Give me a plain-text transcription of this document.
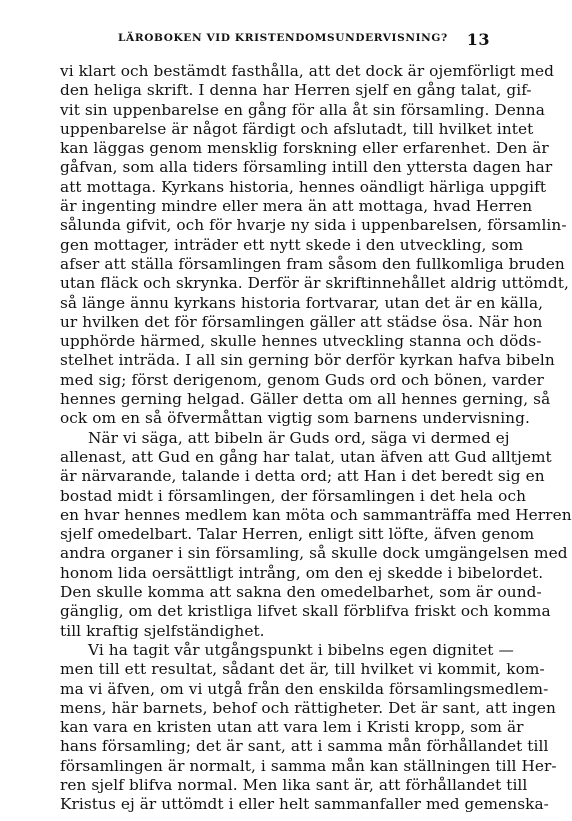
LÄROBOKEN VID KRISTENDOMSUNDERVISNING? 13
vi klart och bestämdt fasthålla, att det dock är ojemförligt med
den heliga skrift. I denna har Herren sjelf en gång talat, gif-
vit sin uppenbarelse en gång för alla åt sin församling. Denna
uppenbarelse är något färdigt och afslutadt, till hvilket intet
kan läggas genom mensklig forskning eller erfarenhet. Den är
gåfvan, som alla tiders församling intill den yttersta dagen har
att mottaga. Kyrkans historia, hennes oändligt härliga uppgift
är ingenting mindre eller mera än att mottaga, hvad Herren
sålunda gifvit, och för hvarje ny sida i uppenbarelsen, församlin-
gen mottager, inträder ett nytt skede i den utveckling, som
afser att ställa församlingen fram såsom den fullkomliga bruden
utan fläck och skrynka. Derför är skriftinnehållet aldrig uttömdt,
så länge ännu kyrkans historia fortvarar, utan det är en källa,
ur hvilken det för församlingen gäller att städse ösa. När hon
upphörde härmed, skulle hennes utveckling stanna och döds-
stelhet inträda. I all sin gerning bör derför kyrkan hafva bibeln
med sig; först derigenom, genom Guds ord och bönen, varder
hennes gerning helgad. Gäller detta om all hennes gerning, så
ock om en så öfvermåttan vigtig som barnens undervisning.
När vi säga, att bibeln är Guds ord, säga vi dermed ej
allenast, att Gud en gång har talat, utan äfven att Gud alltjemt
är närvarande, talande i detta ord; att Han i det beredt sig en
bostad midt i församlingen, der församlingen i det hela och
en hvar hennes medlem kan möta och sammanträffa med Herren
sjelf omedelbart. Talar Herren, enligt sitt löfte, äfven genom
andra organer i sin församling, så skulle dock umgängelsen med
honom lida oersättligt intrång, om den ej skedde i bibelordet.
Den skulle komma att sakna den omedelbarhet, som är ound-
gänglig, om det kristliga lifvet skall förblifva friskt och komma
till kraftig sjelfständighet.
Vi ha tagit vår utgångspunkt i bibelns egen dignitet —
men till ett resultat, sådant det är, till hvilket vi kommit, kom-
ma vi äfven, om vi utgå från den enskilda församlingsmedlem-
mens, här barnets, behof och rättigheter. Det är sant, att ingen
kan vara en kristen utan att vara lem i Kristi kropp, som är
hans församling; det är sant, att i samma mån förhållandet till
församlingen är normalt, i samma mån kan ställningen till Her-
ren sjelf blifva normal. Men lika sant är, att förhållandet till
Kristus ej är uttömdt i eller helt sammanfaller med gemenska-
